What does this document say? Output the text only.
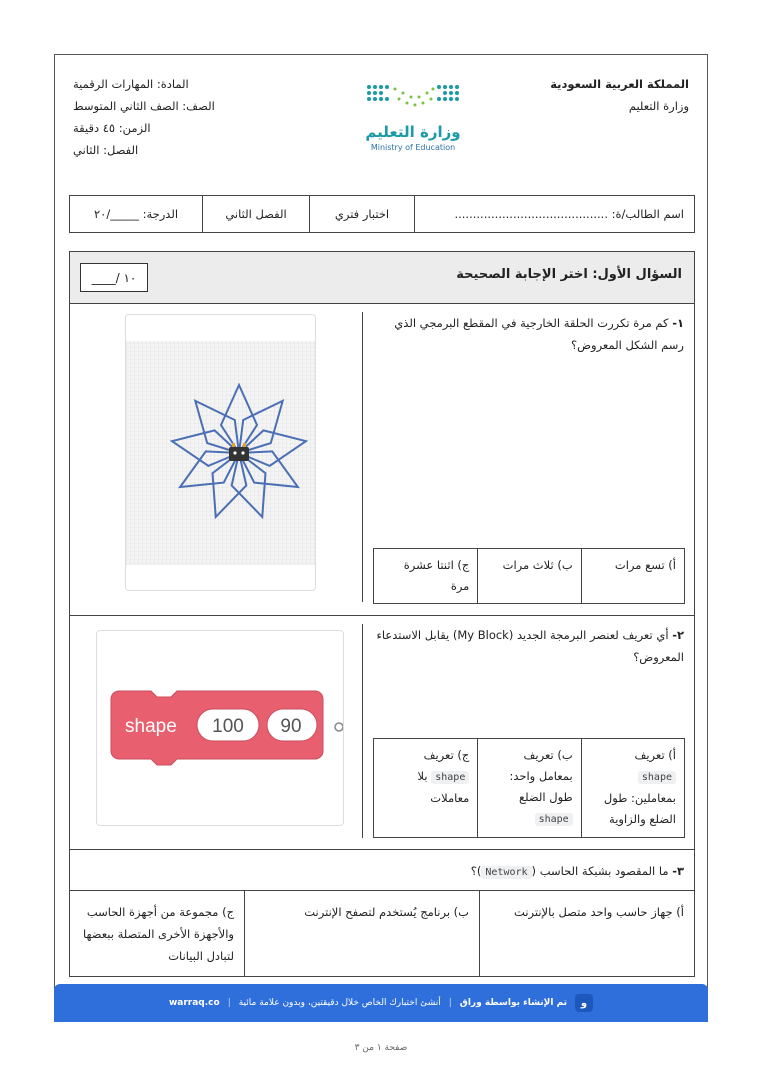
المملكة العربية السعودية
وزارة التعليم
وزارة التعليم
Ministry of Education
المادة: المهارات الرقمية
الصف: الصف الثاني المتوسط
الزمن: ٤٥ دقيقة
الفصل: الثاني
اسم الطالب/ة: ..........................................
اختبار فتري
الفصل الثاني
الدرجة: _____/٢٠
السؤال الأول: اختر الإجابة الصحيحة
____/ ١٠
١- كم مرة تكررت الحلقة الخارجية في المقطع البرمجي الذي رسم الشكل المعروض؟
أ) تسع مرات
ب) ثلاث مرات
ج) اثنتا عشرة مرة
٢- أي تعريف لعنصر البرمجة الجديد (My Block) يقابل الاستدعاء المعروض؟
أ) تعريف
shape
بمعاملين: طول الضلع والزاوية
ب) تعريف
بمعامل واحد: طول الضلع shape
ج) تعريف
shape بلا معاملات
shape 100 90
٣- ما المقصود بشبكة الحاسب (Network)؟
أ) جهاز حاسب واحد متصل بالإنترنت
ب) برنامج يُستخدم لتصفح الإنترنت
ج) مجموعة من أجهزة الحاسب والأجهزة الأخرى المتصلة ببعضها لتبادل البيانات
و
تم الإنشاء بواسطة وراق
|
أنشئ اختبارك الخاص خلال دقيقتين، وبدون علامة مائية
|
warraq.co
صفحة ١ من ٣
